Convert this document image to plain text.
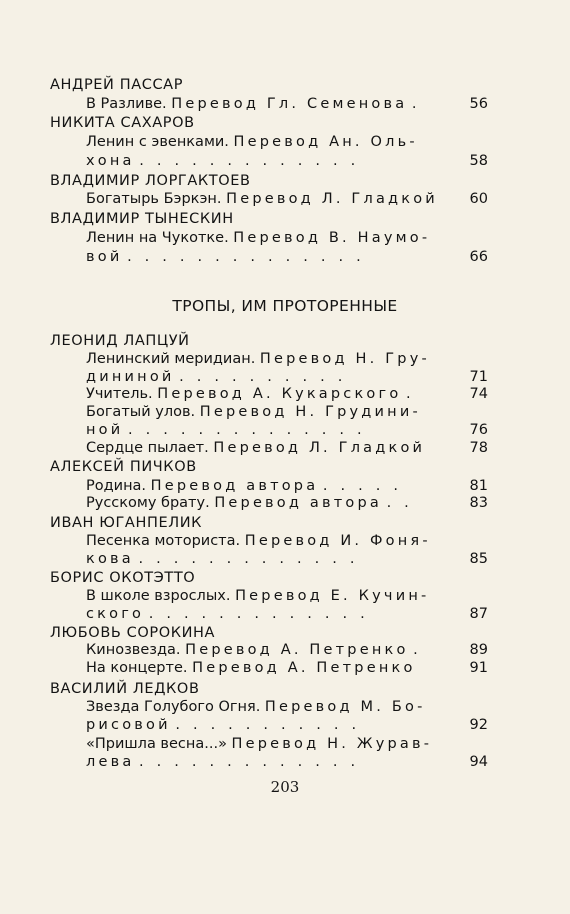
АНДРЕЙ ПАССАР
В Разливе. Перевод Гл. Семенова .	56
НИКИТА САХАРОВ
Ленин с эвенками. Перевод Ан. Оль-
хона . . . . . . . . . . . . .	58
ВЛАДИМИР ЛОРГАКТОЕВ
Богатырь Бэркэн. Перевод Л. Гладкой 60
ВЛАДИМИР ТЫНЕСКИН
Ленин на Чукотке. Перевод В. Наумо-
вой . . . . . . . . . . . . . .	66
ТРОПЫ, ИМ ПРОТОРЕННЫЕ
ЛЕОНИД ЛАПЦУЙ
Ленинский меридиан. Перевод Н. Гру-
дининой . . . . . . . . . .	71
Учитель. Перевод А. Кукарского .	74
Богатый улов. Перевод Н. Грудини-
ной . . . . . . . . . . . . . .	76
Сердце пылает. Перевод Л. Гладкой	78
АЛЕКСЕЙ ПИЧКОВ
Родина. Перевод автора . . . . .	81
Русскому брату. Перевод автора . .	83
ИВАН ЮГАНПЕЛИК
Песенка моториста. Перевод И. Фоня-
кова . . . . . . . . . . . . .	85
БОРИС ОКОТЭТТО
В школе взрослых. Перевод Е. Кучин-
ского . . . . . . . . . . . . .	87
ЛЮБОВЬ СОРОКИНА
Кинозвезда. Перевод А. Петренко .	89
На концерте. Перевод А. Петренко	91
ВАСИЛИЙ ЛЕДКОВ
Звезда Голубого Огня. Перевод М. Бо-
рисовой . . . . . . . . . . .	92
«Пришла весна...» Перевод Н. Журав-
лева . . . . . . . . . . . . .	94
203
